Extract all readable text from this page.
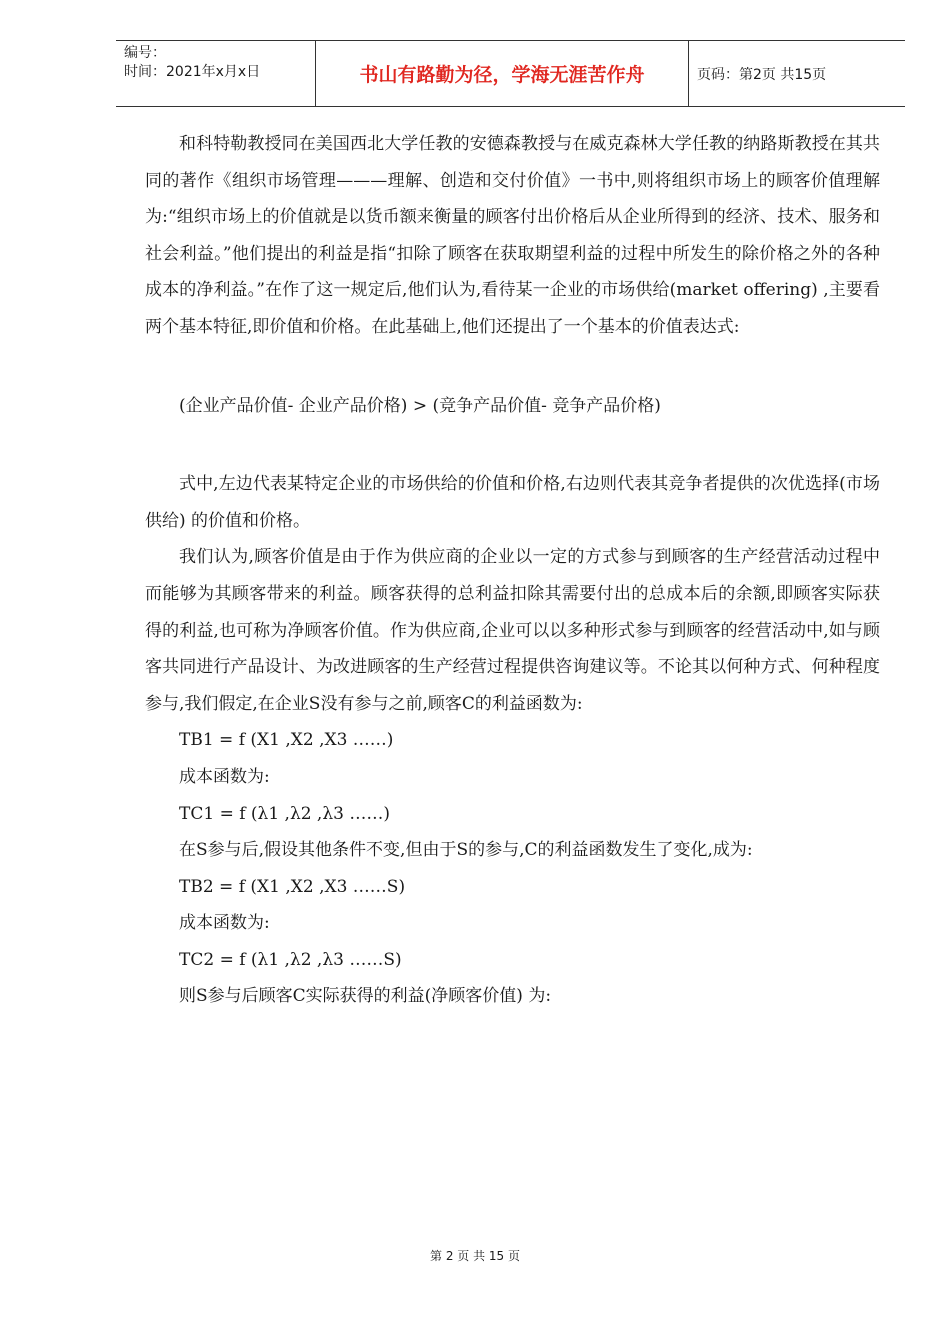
编号：
时间：2021年x月x日	书山有路勤为径，学海无涯苦作舟	页码：第2页 共15页

和科特勒教授同在美国西北大学任教的安德森教授与在威克森林大学任教的纳路斯教授在其共同的著作《组织市场管理———理解、创造和交付价值》一书中,则将组织市场上的顾客价值理解为:“组织市场上的价值就是以货币额来衡量的顾客付出价格后从企业所得到的经济、技术、服务和社会利益。”他们提出的利益是指“扣除了顾客在获取期望利益的过程中所发生的除价格之外的各种成本的净利益。”在作了这一规定后,他们认为,看待某一企业的市场供给(market offering) ,主要看两个基本特征,即价值和价格。在此基础上,他们还提出了一个基本的价值表达式:

(企业产品价值- 企业产品价格) > (竞争产品价值- 竞争产品价格)

式中,左边代表某特定企业的市场供给的价值和价格,右边则代表其竞争者提供的次优选择(市场供给) 的价值和价格。

我们认为,顾客价值是由于作为供应商的企业以一定的方式参与到顾客的生产经营活动过程中而能够为其顾客带来的利益。顾客获得的总利益扣除其需要付出的总成本后的余额,即顾客实际获得的利益,也可称为净顾客价值。作为供应商,企业可以以多种形式参与到顾客的经营活动中,如与顾客共同进行产品设计、为改进顾客的生产经营过程提供咨询建议等。不论其以何种方式、何种程度参与,我们假定,在企业S没有参与之前,顾客C的利益函数为:

TB1 = f (X1 ,X2 ,X3 ……)

成本函数为:

TC1 = f (λ1 ,λ2 ,λ3 ……)

在S参与后,假设其他条件不变,但由于S的参与,C的利益函数发生了变化,成为:

TB2 = f (X1 ,X2 ,X3 ……S)

成本函数为:

TC2 = f (λ1 ,λ2 ,λ3 ……S)

则S参与后顾客C实际获得的利益(净顾客价值) 为:

第 2 页 共 15 页
